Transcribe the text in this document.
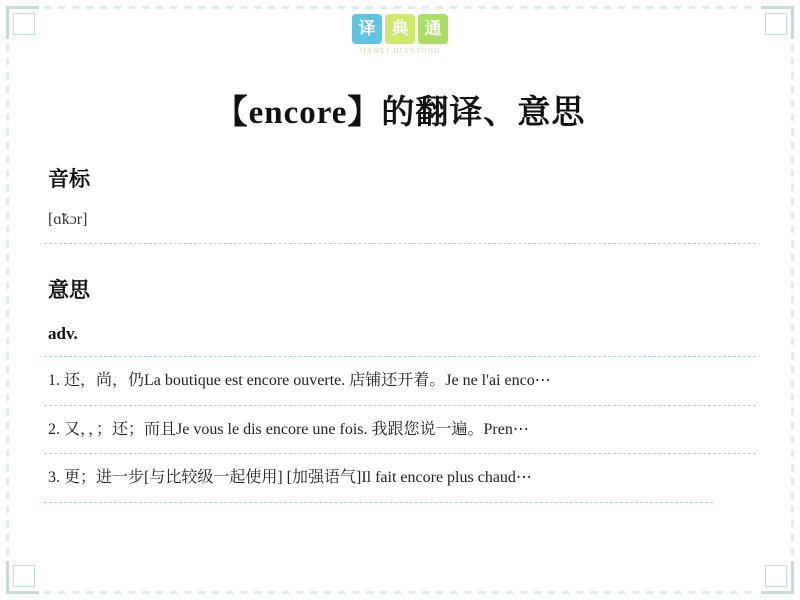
译 典 通
JIANYI·DIANTONG
【encore】的翻译、意思
音标
[ɑ̃kɔr]
意思
adv.
1. 还，尚，仍La boutique est encore ouverte. 店铺还开着。Je ne l'ai enco⋯
2. 又，，；还；而且Je vous le dis encore une fois. 我跟您说一遍。Pren⋯
3. 更；进一步[与比较级一起使用] [加强语气]Il fait encore plus chaud⋯
